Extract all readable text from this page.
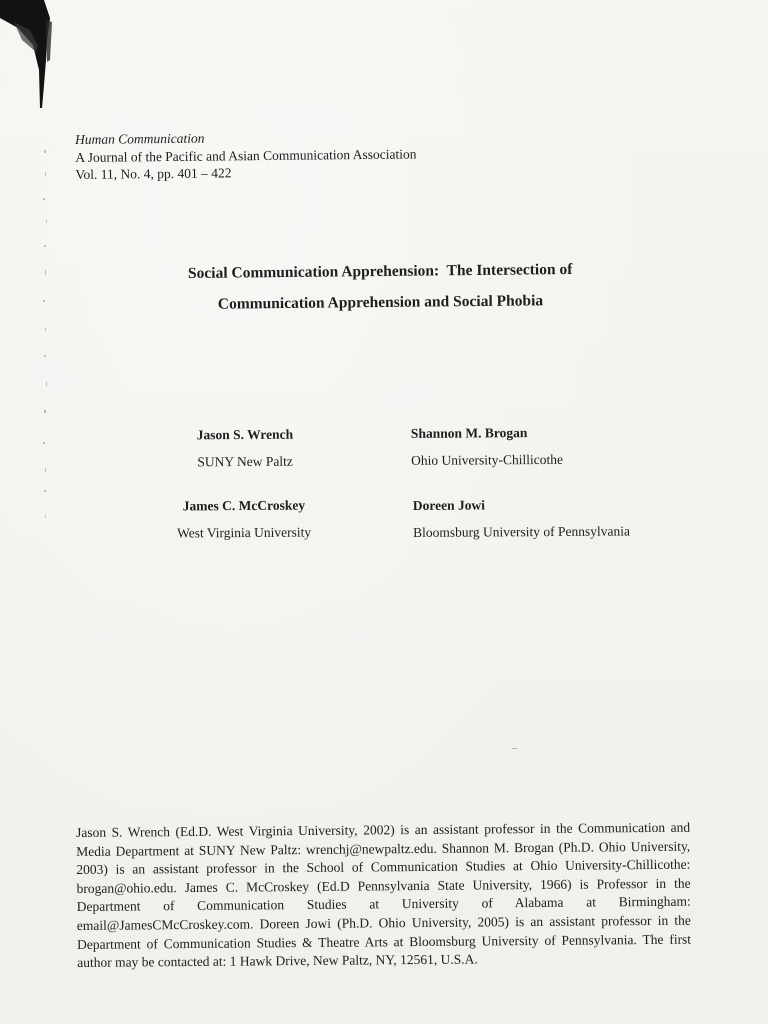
Human Communication
A Journal of the Pacific and Asian Communication Association
Vol. 11, No. 4, pp. 401 – 422
Social Communication Apprehension:  The Intersection of
Communication Apprehension and Social Phobia
Jason S. Wrench
SUNY New Paltz
Shannon M. Brogan
Ohio University-Chillicothe
James C. McCroskey
West Virginia University
Doreen Jowi
Bloomsburg University of Pennsylvania
Jason S. Wrench (Ed.D. West Virginia University, 2002) is an assistant professor in the Communication and Media Department at SUNY New Paltz: wrenchj@newpaltz.edu. Shannon M. Brogan (Ph.D. Ohio University, 2003) is an assistant professor in the School of Communication Studies at Ohio University-Chillicothe: brogan@ohio.edu. James C. McCroskey (Ed.D Pennsylvania State University, 1966) is Professor in the Department of Communication Studies at University of Alabama at Birmingham: email@JamesCMcCroskey.com. Doreen Jowi (Ph.D. Ohio University, 2005) is an assistant professor in the Department of Communication Studies & Theatre Arts at Bloomsburg University of Pennsylvania. The first author may be contacted at: 1 Hawk Drive, New Paltz, NY, 12561, U.S.A.
